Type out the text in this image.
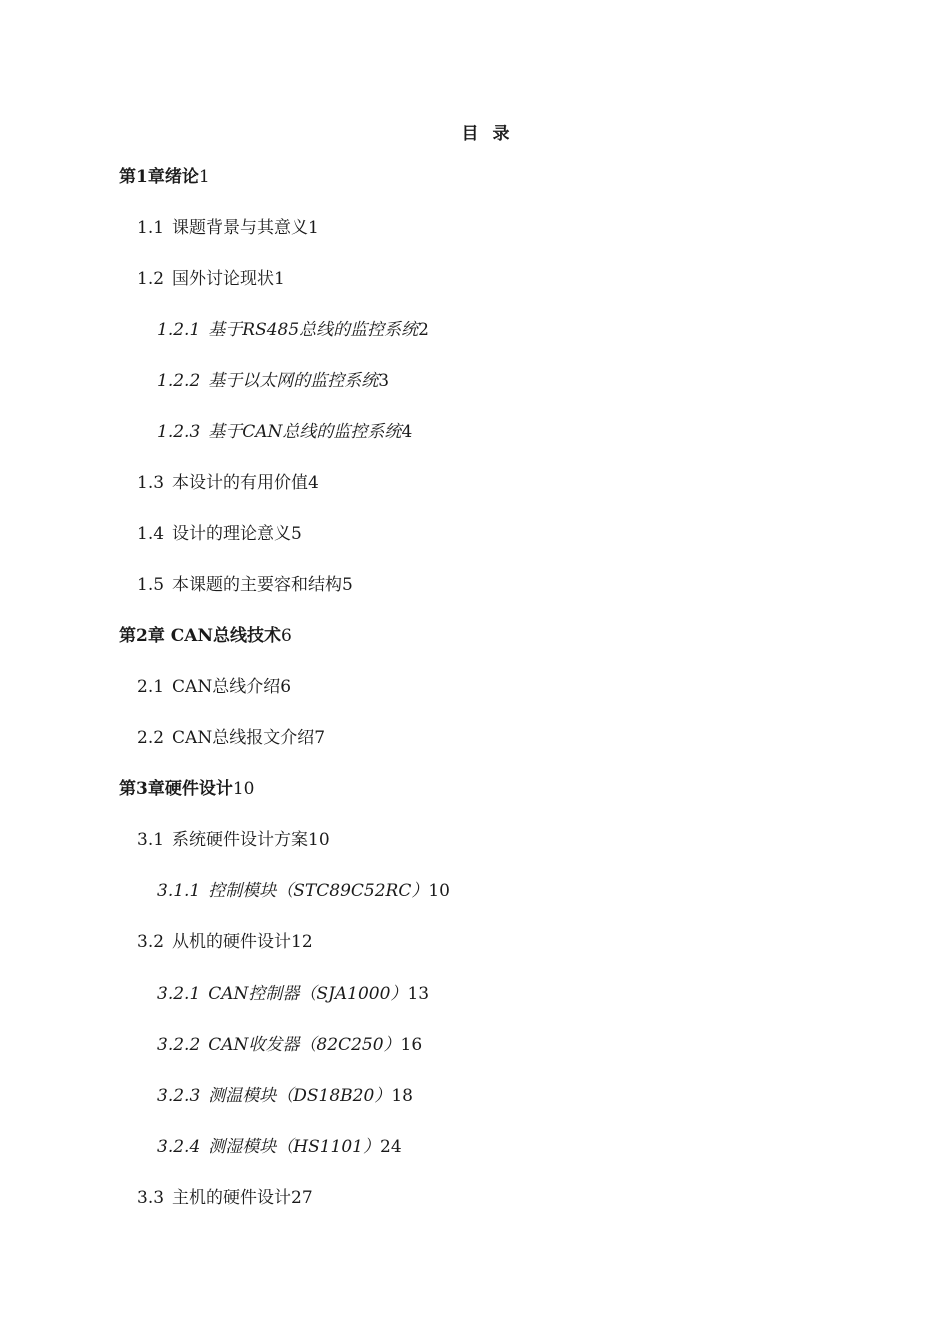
目 录
第1章绪论1
1.1 课题背景与其意义1
1.2 国外讨论现状1
1.2.1 基于RS485总线的监控系统2
1.2.2 基于以太网的监控系统3
1.2.3 基于CAN总线的监控系统4
1.3 本设计的有用价值4
1.4 设计的理论意义5
1.5 本课题的主要容和结构5
第2章 CAN总线技术6
2.1 CAN总线介绍6
2.2 CAN总线报文介绍7
第3章硬件设计10
3.1 系统硬件设计方案10
3.1.1 控制模块（STC89C52RC）10
3.2 从机的硬件设计12
3.2.1 CAN控制器（SJA1000）13
3.2.2 CAN收发器（82C250）16
3.2.3 测温模块（DS18B20）18
3.2.4 测湿模块（HS1101）24
3.3 主机的硬件设计27
